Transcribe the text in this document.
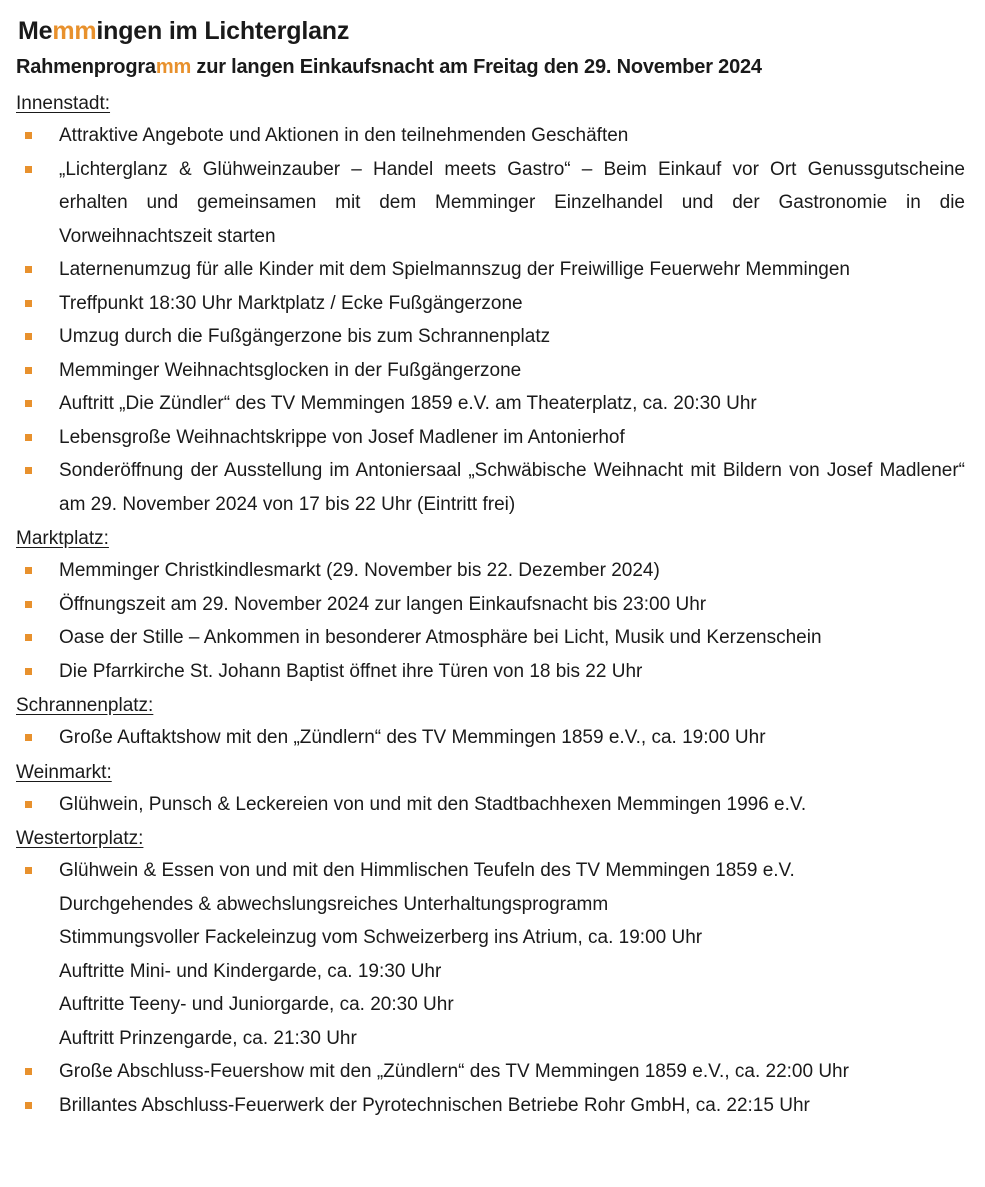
Memmingen im Lichterglanz
Rahmenprogramm zur langen Einkaufsnacht am Freitag den 29. November 2024
Innenstadt:
Attraktive Angebote und Aktionen in den teilnehmenden Geschäften
„Lichterglanz & Glühweinzauber – Handel meets Gastro“ – Beim Einkauf vor Ort Genussgutscheine erhalten und gemeinsamen mit dem Memminger Einzelhandel und der Gastronomie in die Vorweihnachtszeit starten
Laternenumzug für alle Kinder mit dem Spielmannszug der Freiwillige Feuerwehr Memmingen
Treffpunkt 18:30 Uhr Marktplatz / Ecke Fußgängerzone
Umzug durch die Fußgängerzone bis zum Schrannenplatz
Memminger Weihnachtsglocken in der Fußgängerzone
Auftritt „Die Zündler“ des TV Memmingen 1859 e.V. am Theaterplatz, ca. 20:30 Uhr
Lebensgroße Weihnachtskrippe von Josef Madlener im Antonierhof
Sonderöffnung der Ausstellung im Antoniersaal „Schwäbische Weihnacht mit Bildern von Josef Madlener“ am 29. November 2024 von 17 bis 22 Uhr (Eintritt frei)
Marktplatz:
Memminger Christkindlesmarkt (29. November bis 22. Dezember 2024)
Öffnungszeit am 29. November 2024 zur langen Einkaufsnacht bis 23:00 Uhr
Oase der Stille – Ankommen in besonderer Atmosphäre bei Licht, Musik und Kerzenschein
Die Pfarrkirche St. Johann Baptist öffnet ihre Türen von 18 bis 22 Uhr
Schrannenplatz:
Große Auftaktshow mit den „Zündlern“ des TV Memmingen 1859 e.V., ca. 19:00 Uhr
Weinmarkt:
Glühwein, Punsch & Leckereien von und mit den Stadtbachhexen Memmingen 1996 e.V.
Westertorplatz:
Glühwein & Essen von und mit den Himmlischen Teufeln des TV Memmingen 1859 e.V.
Durchgehendes & abwechslungsreiches Unterhaltungsprogramm
Stimmungsvoller Fackeleinzug vom Schweizerberg ins Atrium, ca. 19:00 Uhr
Auftritte Mini- und Kindergarde, ca. 19:30 Uhr
Auftritte Teeny- und Juniorgarde, ca. 20:30 Uhr
Auftritt Prinzengarde, ca. 21:30 Uhr
Große Abschluss-Feuershow mit den „Zündlern“ des TV Memmingen 1859 e.V., ca. 22:00 Uhr
Brillantes Abschluss-Feuerwerk der Pyrotechnischen Betriebe Rohr GmbH, ca. 22:15 Uhr
